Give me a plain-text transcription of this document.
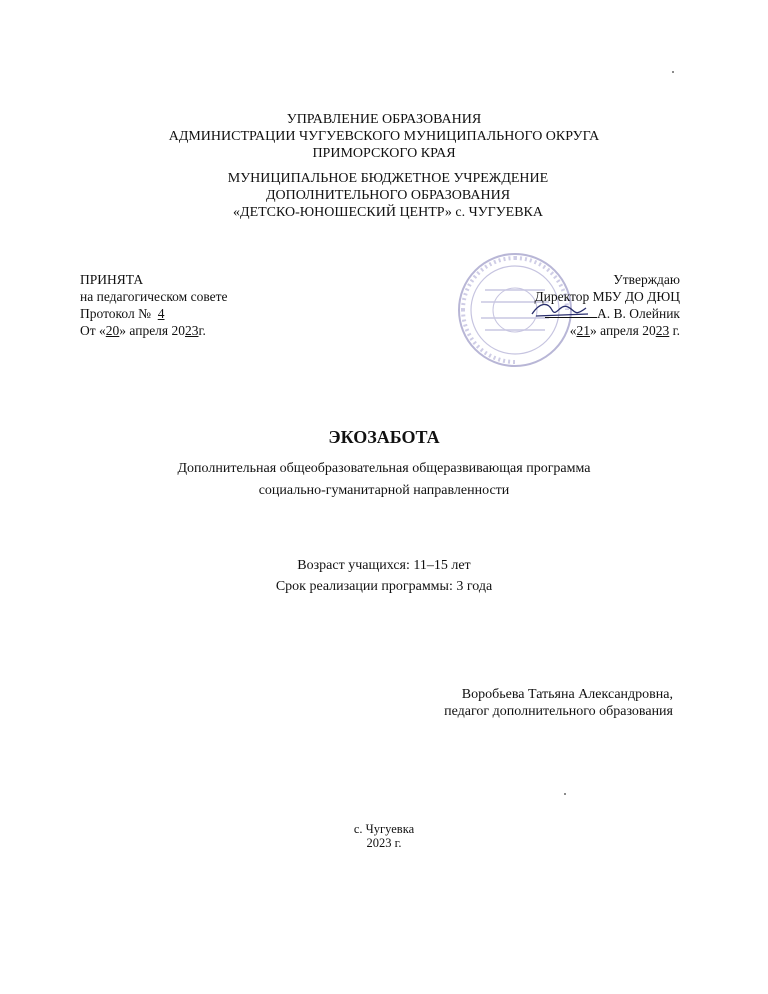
УПРАВЛЕНИЕ ОБРАЗОВАНИЯ
АДМИНИСТРАЦИИ ЧУГУЕВСКОГО МУНИЦИПАЛЬНОГО ОКРУГА
ПРИМОРСКОГО КРАЯ
МУНИЦИПАЛЬНОЕ БЮДЖЕТНОЕ УЧРЕЖДЕНИЕ
ДОПОЛНИТЕЛЬНОГО ОБРАЗОВАНИЯ
«ДЕТСКО-ЮНОШЕСКИЙ ЦЕНТР» с. ЧУГУЕВКА
ПРИНЯТА
на педагогическом совете
Протокол №  4
От «20» апреля 2023г.
Утверждаю
Директор МБУ ДО ДЮЦ
А. В. Олейник
«21» апреля 2023 г.
ЭКОЗАБОТА
Дополнительная общеобразовательная общеразвивающая программа
социально-гуманитарной направленности
Возраст учащихся: 11–15 лет
Срок реализации программы: 3 года
Воробьева Татьяна Александровна,
педагог дополнительного образования
с. Чугуевка
2023 г.
